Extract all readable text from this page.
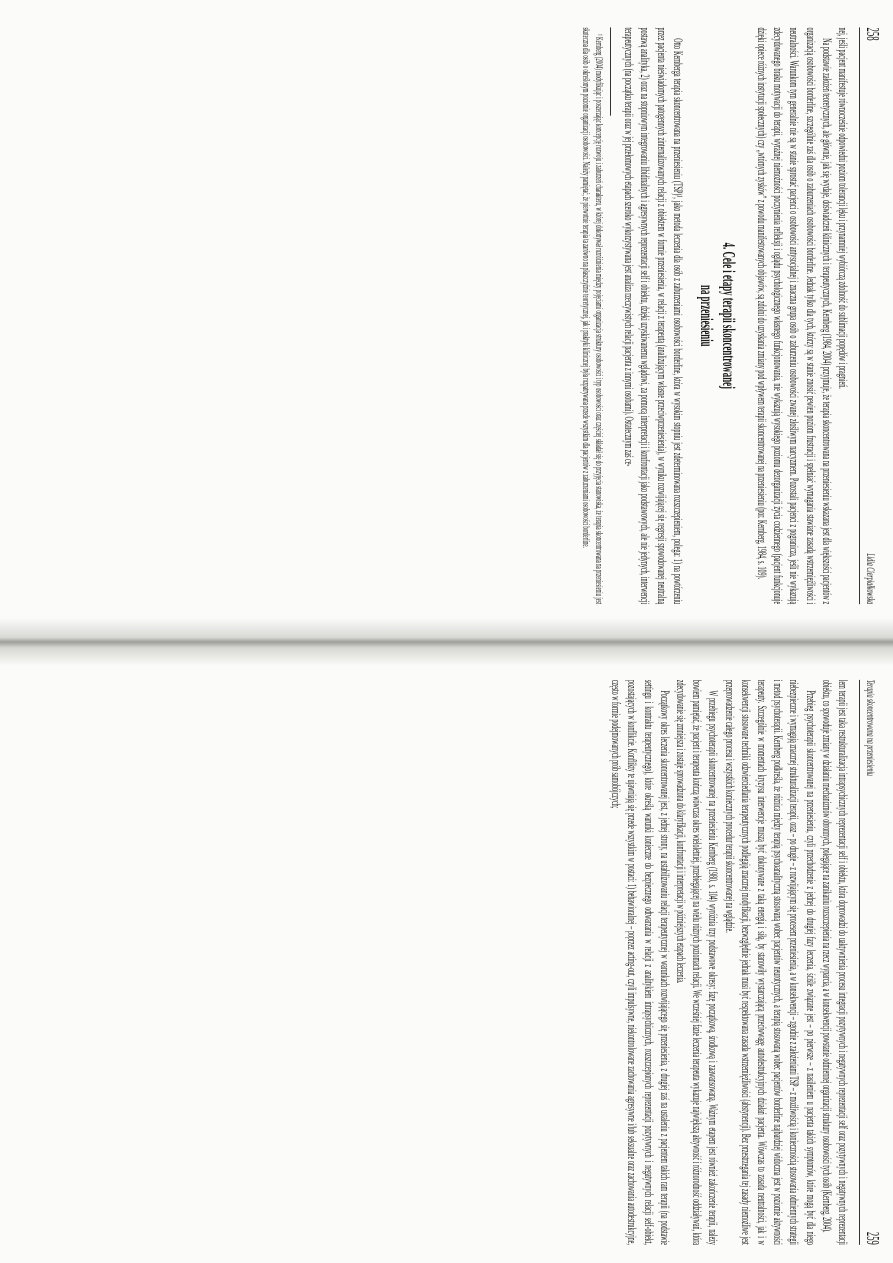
258
Lidia Cierpiałkowska

nej, jeśli pacjent manifestuje równocześnie odpowiedni poziom tolerancji lęku i przynamniej wybiórczą zdolność do sublimacji popędów i pragnień.

Na podstawie założeń teoretycznych, ale głównie, jak się wydaje, doświadczeń klinicznych i terapeutycznych, Kernberg (1984, 2004) przyjmuje, że terapia skoncentrowana na przeniesieniu wskazana jest dla większości pacjentów z organizacją osobowości borderline, szczególnie zaś dla osób o zaburzeniach osobowości borderline. Jednak tylko dla tych, którzy są w stanie znosić pewien poziom frustracji i spełniać wymagania stawiane zasadą wstrzemięźliwości i neutralności. Warunkom tym generalnie nie są w stanie sprostać pacjenci o osobowości antysocjalnej i znaczna grupa osób o zaburzeniu osobowości zwanej złośliwym narcyzmem. Pozostali pacjenci z pogranicza, jeśli nie wykazują zdecydowanego braku motywacji do terapii, wyraźnej niemożności poczynienia refleksji i oglądu psychologicznego własnego funkcjonowania, nie wykazują wysokiego poziomu dezorganizacji życia codziennego (pacjent funkcjonuje dzięki opiece różnych instytucji społecznych) czy „wtórnych zysków” z powodu manifestowanych objawów, są zdolni do uzyskania zmiany pod wpływem terapii skoncentrowanej na przeniesieniu (por. Kernberg, 1984, s. 109).

4. Cele i etapy terapii skoncentrowanej
na przeniesieniu

Otto Kernberga terapia skoncentrowana na przeniesieniu (TSP)¹, jako metoda leczenia dla osób z zaburzeniami osobowości borderline, która w wysokim stopniu jest zdeterminowana rozszczepieniem, polega: 1) na powtórzeniu przez pacjenta nieświadomych patogennych zinternalizowanych relacji z obiektem w formie przeniesienia, w relacji z terapeutą (analizującym własne przeciwprzeniesienia), w wyniku rozwijającej się regresji spowodowanej neutralną postawą analityka, 2) oraz na stopniowym integrowaniu libidinalnych i agresywnych reprezentacji self i obiektu, dzięki uzyskiwanemu wglądowi, za pomocą interpretacji i konfrontacji jako podstawowych, ale nie jedynych, interwencji terapeutycznych (na początku terapii oraz w jej przełomowych etapach szeroko wykorzystywana jest analiza rzeczywistych relacji pacjenta z innymi osobami). Ostatecznym zaś ce-

¹ Kernberg (2004) modyfikując i poszerzając koncepcję rozwoju i zaburzeń charakteru, w której dokonywał rozróżnienia między pojęciami organizacja struktury osobowości i typ osobowości oraz częściej składał się do przyjęcia stanowiska, że terapia skoncentrowana na przeniesieniu jest skuteczna dla osób o określonym poziomie organizacji osobowości. Należy pamiętać, że pierwotnie terapia ta zarówno na płaszczyźnie teoretycznej, jak i praktyki klinicznej była rozpatrywana przede wszystkim dla pacjentów z zaburzeniami osobowości borderline.

Terapia skoncentrowana na przeniesieniu
259

lem terapii jest taka restrukturalizacja intrapsychicznych reprezentacji self i obiektu, która doprowadzi do uaktywnienia procesu integracji pozytywnych i negatywnych reprezentacji self oraz pozytywnych i negatywnych reprezentacji obiektu, co spowoduje zmiany w działaniu mechanizmów obronnych, polegające na zanikaniu rozszczepienia na rzecz wyparcia, a w konsekwencji powstanie odmiennej organizacji struktury osobowości tych osób (Kernberg, 2004).

Przebieg psychoterapii skoncentrowanej na przeniesieniu, czyli przechodzenie z jednej do drugiej fazy leczenia, ściśle związane jest – po pierwsze – z nasileniem u pacjenta takich symptomów, które mogą być dla niego niebezpieczne i wymagają znacznej strukturalizacji terapii, oraz – po drugie – z rozwijającym się procesem przeniesienia, a w konsekwencji – zgodnie z założeniami TSP – z możliwością i koniecznością stosowania odmiennych strategii i metod psychoterapii. Kernberg podkreśla, że różnica między terapią psychoanalityczną stosowaną wobec pacjentów neurotycznych, a terapią stosowaną wobec pacjentów borderline najbardziej widoczna jest w poziomie aktywności terapeuty. Szczególnie w momentach kryzysu interwencje muszą być dokonywane z taką energią i siłą, by stanowiły wystarczającą przeciwwagę autodestrukcyjnych działań pacjenta. Wówczas to zasada neutralności, jak i w konsekwencji stosowane techniki odzwierciedlania terapeutycznych podlegają znacznej modyfikacji, bezwzględnie jednak musi być respektowana zasada wstrzemięźliwości (abstynencji). Bez przestrzegania tej zasady niemożliwe jest przeprowadzenie całego procesu i wszystkich koniecznych procedur terapii skoncentrowanej na wglądzie.

W przebiegu psychoterapii skoncentrowanej na przeniesieniu Kernberg (1980, s. 104) wyróżnia trzy podstawowe okresy: fazę początkową, środkową i zaawansowaną. Ważnym etapem jest również zakończenie terapii, należy bowiem pamiętać, że pacjent i terapeuta kończą wówczas okres wieloletniej, przebiegającej na wielu różnych poziomach relacji. We wcześniej fazie leczenia terapeuta wykazuje największą aktywność i różnorodność oddziaływań, która zdecydowanie się zmniejsza i zostaje sprowadzona do klaryfikacji, konfrontacji i interpretacji w późniejszych etapach leczenia.

Początkowy okres leczenia skoncentrowanej jest, z jednej strony, na ustabilizowaniu relacji terapeutycznej w warunkach rozwijającego się przeniesienia, z drugiej zaś na ustaleniu z pacjentem takich ram terapii (na podstawie settingu i kontraktu terapeutycznego), które określą warunki konieczne do bezpiecznego odtwarzania w relacji z analitykiem intrapsychicznych, rozszczepionych reprezentacji pozytywnych i negatywnych relacji self-obiekt, pozostających w konflikcie. Konflikty te ujawniają się przede wszystkim w postaci: 1) behawioralnej – poprzez acting-out, czyli impulsywne, niekontrolowane zachowania agresywne i/lub seksualne oraz zachowania autodestrukcyjne, często w formie podejmowanych prób samobójczych;
